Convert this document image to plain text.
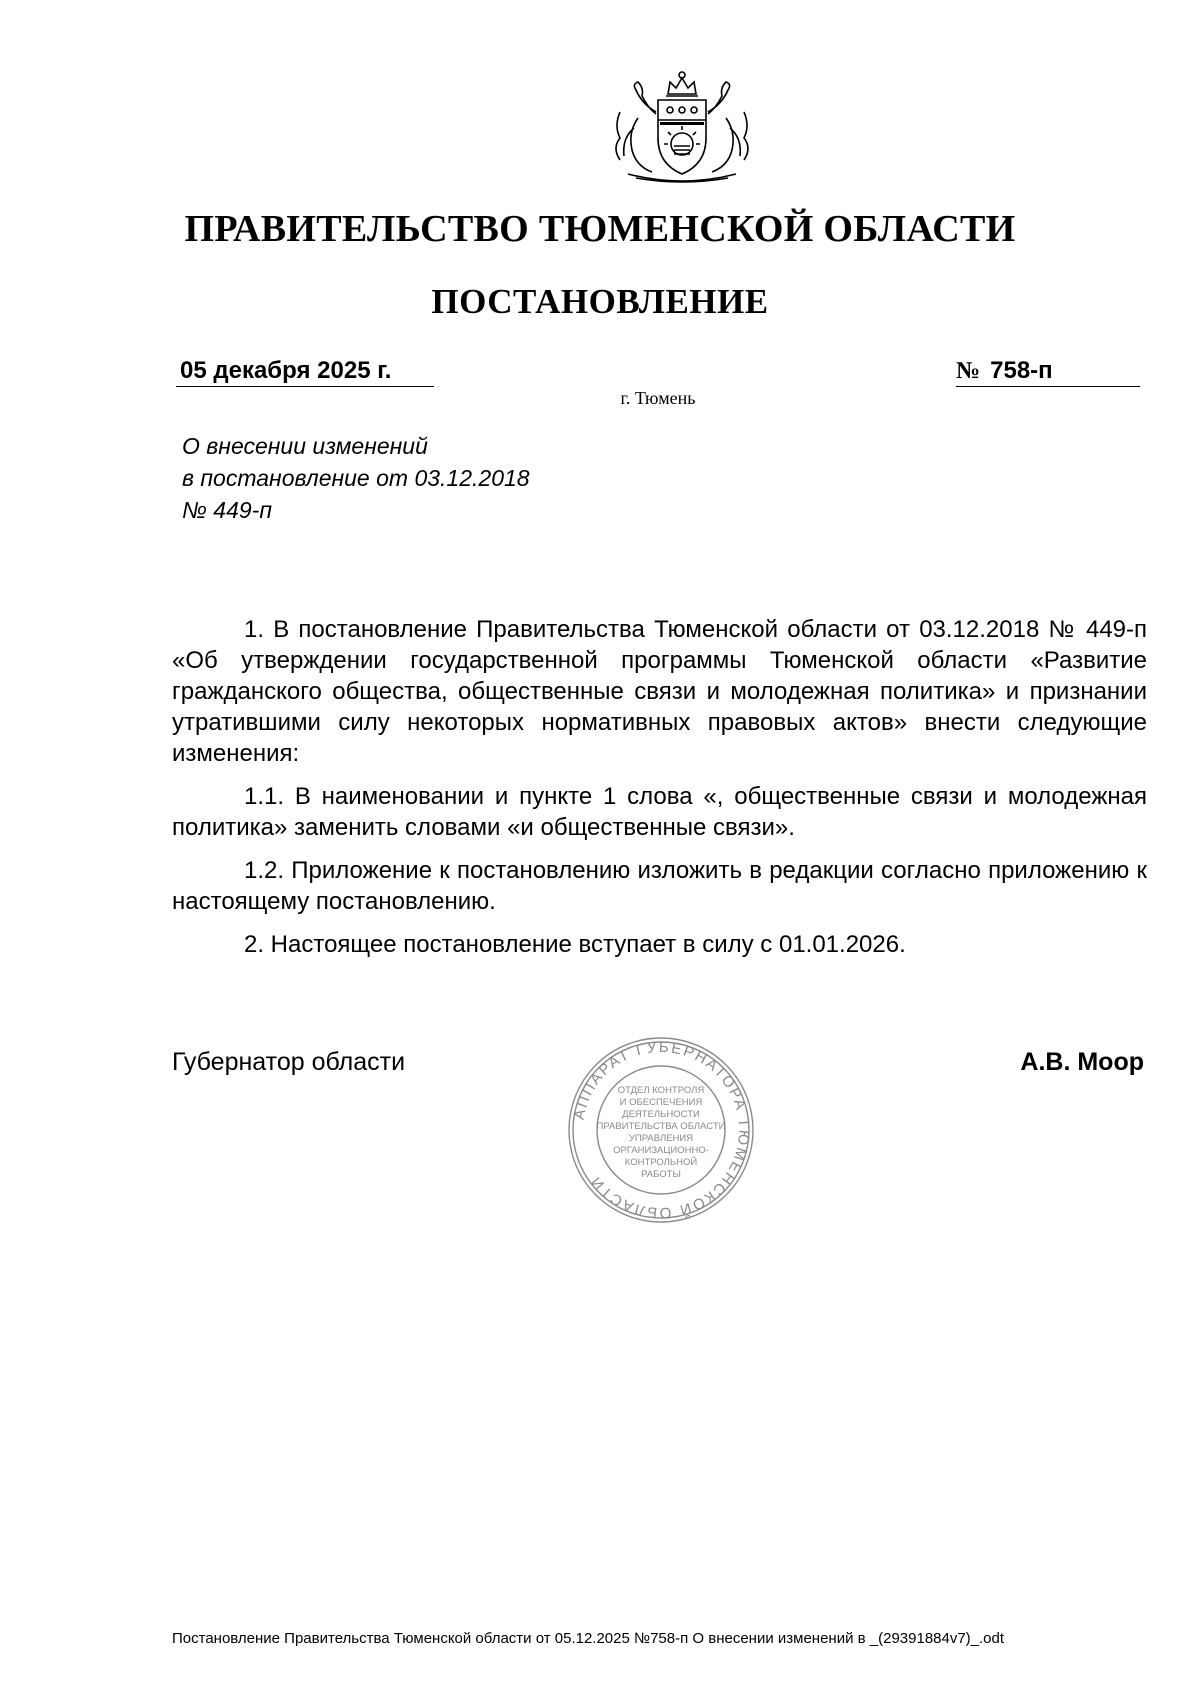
ПРАВИТЕЛЬСТВО ТЮМЕНСКОЙ ОБЛАСТИ
ПОСТАНОВЛЕНИЕ
05 декабря 2025 г.	№ 758-п
г. Тюмень
О внесении изменений
в постановление от 03.12.2018
№ 449-п

1. В постановление Правительства Тюменской области от 03.12.2018 № 449-п «Об утверждении государственной программы Тюменской области «Развитие гражданского общества, общественные связи и молодежная политика» и признании утратившими силу некоторых нормативных правовых актов» внести следующие изменения:

1.1. В наименовании и пункте 1 слова «, общественные связи и молодежная политика» заменить словами «и общественные связи».

1.2. Приложение к постановлению изложить в редакции согласно приложению к настоящему постановлению.

2. Настоящее постановление вступает в силу с 01.01.2026.

Губернатор области	А.В. Моор
АППАРАТ ГУБЕРНАТОРА ТЮМЕНСКОЙ ОБЛАСТИ
ОТДЕЛ КОНТРОЛЯ
И ОБЕСПЕЧЕНИЯ
ДЕЯТЕЛЬНОСТИ
ПРАВИТЕЛЬСТВА ОБЛАСТИ
УПРАВЛЕНИЯ
ОРГАНИЗАЦИОННО-
КОНТРОЛЬНОЙ
РАБОТЫ
Постановление Правительства Тюменской области от 05.12.2025 №758-п О внесении изменений в _(29391884v7)_.odt
